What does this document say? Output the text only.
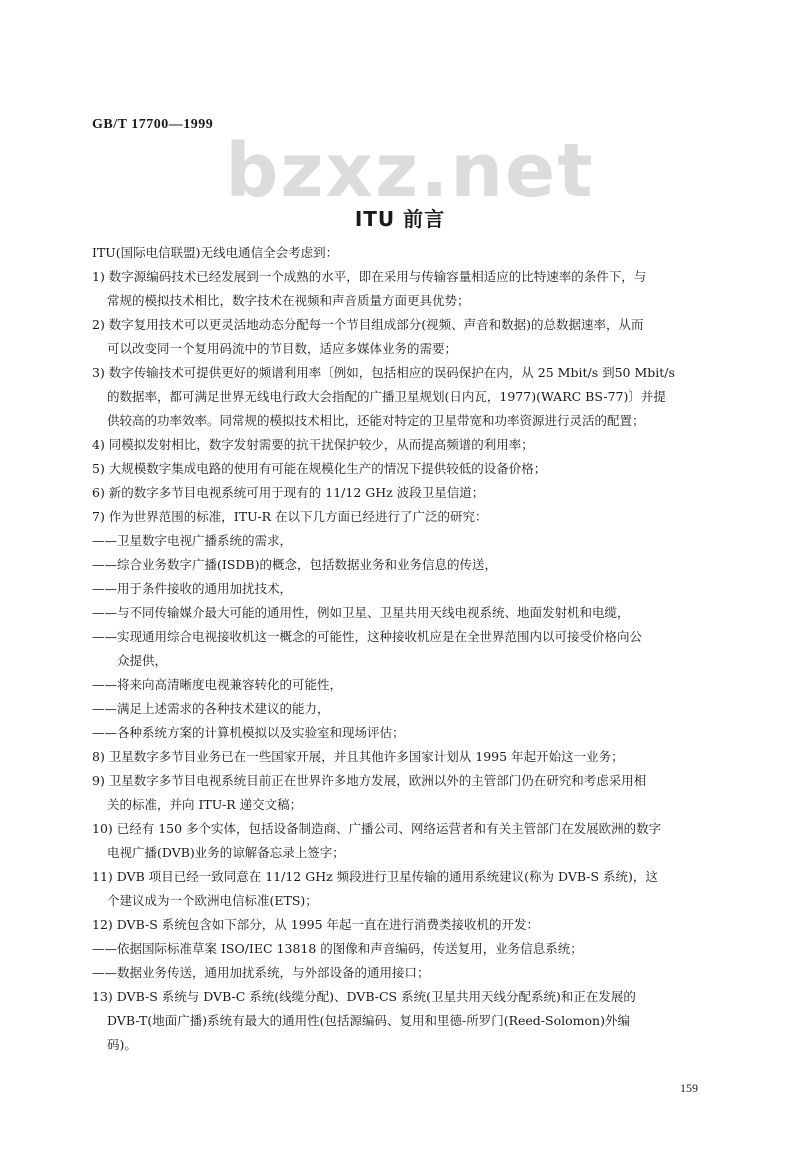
GB/T 17700—1999
bzxz.net
ITU 前言
ITU(国际电信联盟)无线电通信全会考虑到：
1) 数字源编码技术已经发展到一个成熟的水平，即在采用与传输容量相适应的比特速率的条件下，与
常规的模拟技术相比，数字技术在视频和声音质量方面更具优势；
2) 数字复用技术可以更灵活地动态分配每一个节目组成部分(视频、声音和数据)的总数据速率，从而
可以改变同一个复用码流中的节目数，适应多媒体业务的需要；
3) 数字传输技术可提供更好的频谱利用率〔例如，包括相应的误码保护在内，从 25 Mbit/s 到50 Mbit/s
的数据率，都可满足世界无线电行政大会指配的广播卫星规划(日内瓦，1977)(WARC BS-77)〕并提
供较高的功率效率。同常规的模拟技术相比，还能对特定的卫星带宽和功率资源进行灵活的配置；
4) 同模拟发射相比，数字发射需要的抗干扰保护较少，从而提高频谱的利用率；
5) 大规模数字集成电路的使用有可能在规模化生产的情况下提供较低的设备价格；
6) 新的数字多节目电视系统可用于现有的 11/12 GHz 波段卫星信道；
7) 作为世界范围的标准，ITU-R 在以下几方面已经进行了广泛的研究：
——卫星数字电视广播系统的需求，
——综合业务数字广播(ISDB)的概念，包括数据业务和业务信息的传送，
——用于条件接收的通用加扰技术，
——与不同传输媒介最大可能的通用性，例如卫星、卫星共用天线电视系统、地面发射机和电缆，
——实现通用综合电视接收机这一概念的可能性，这种接收机应是在全世界范围内以可接受价格向公
众提供，
——将来向高清晰度电视兼容转化的可能性，
——满足上述需求的各种技术建议的能力，
——各种系统方案的计算机模拟以及实验室和现场评估；
8) 卫星数字多节目业务已在一些国家开展，并且其他许多国家计划从 1995 年起开始这一业务；
9) 卫星数字多节目电视系统目前正在世界许多地方发展，欧洲以外的主管部门仍在研究和考虑采用相
关的标准，并向 ITU-R 递交文稿；
10) 已经有 150 多个实体，包括设备制造商、广播公司、网络运营者和有关主管部门在发展欧洲的数字
电视广播(DVB)业务的谅解备忘录上签字；
11) DVB 项目已经一致同意在 11/12 GHz 频段进行卫星传输的通用系统建议(称为 DVB-S 系统)，这
个建议成为一个欧洲电信标准(ETS)；
12) DVB-S 系统包含如下部分，从 1995 年起一直在进行消费类接收机的开发：
——依据国际标准草案 ISO/IEC 13818 的图像和声音编码，传送复用，业务信息系统；
——数据业务传送，通用加扰系统，与外部设备的通用接口；
13) DVB-S 系统与 DVB-C 系统(线缆分配)、DVB-CS 系统(卫星共用天线分配系统)和正在发展的
DVB-T(地面广播)系统有最大的通用性(包括源编码、复用和里德-所罗门(Reed-Solomon)外编
码)。
159
